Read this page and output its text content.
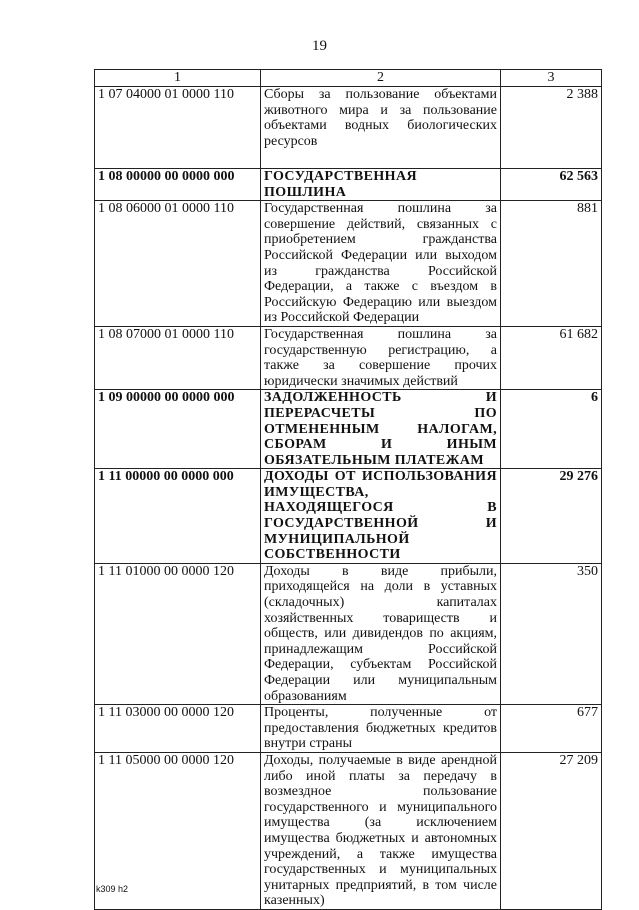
19
1	2	3
1 07 04000 01 0000 110	Сборы за пользование объектами животного мира и за пользование объектами водных биологических ресурсов	2 388
1 08 00000 00 0000 000	ГОСУДАРСТВЕННАЯ ПОШЛИНА	62 563
1 08 06000 01 0000 110	Государственная пошлина за совершение действий, связанных с приобретением гражданства Российской Федерации или выходом из гражданства Российской Федерации, а также с въездом в Российскую Федерацию или выездом из Российской Федерации	881
1 08 07000 01 0000 110	Государственная пошлина за государственную регистрацию, а также за совершение прочих юридически значимых действий	61 682
1 09 00000 00 0000 000	ЗАДОЛЖЕННОСТЬ И ПЕРЕРАСЧЕТЫ ПО ОТМЕНЕННЫМ НАЛОГАМ, СБОРАМ И ИНЫМ ОБЯЗАТЕЛЬНЫМ ПЛАТЕЖАМ	6
1 11 00000 00 0000 000	ДОХОДЫ ОТ ИСПОЛЬЗОВАНИЯ ИМУЩЕСТВА, НАХОДЯЩЕГОСЯ В ГОСУДАРСТВЕННОЙ И МУНИЦИПАЛЬНОЙ СОБСТВЕННОСТИ	29 276
1 11 01000 00 0000 120	Доходы в виде прибыли, приходящейся на доли в уставных (складочных) капиталах хозяйственных товариществ и обществ, или дивидендов по акциям, принадлежащим Российской Федерации, субъектам Российской Федерации или муниципальным образованиям	350
1 11 03000 00 0000 120	Проценты, полученные от предоставления бюджетных кредитов внутри страны	677
1 11 05000 00 0000 120	Доходы, получаемые в виде арендной либо иной платы за передачу в возмездное пользование государственного и муниципального имущества (за исключением имущества бюджетных и автономных учреждений, а также имущества государственных и муниципальных унитарных предприятий, в том числе казенных)	27 209
k309 h2
